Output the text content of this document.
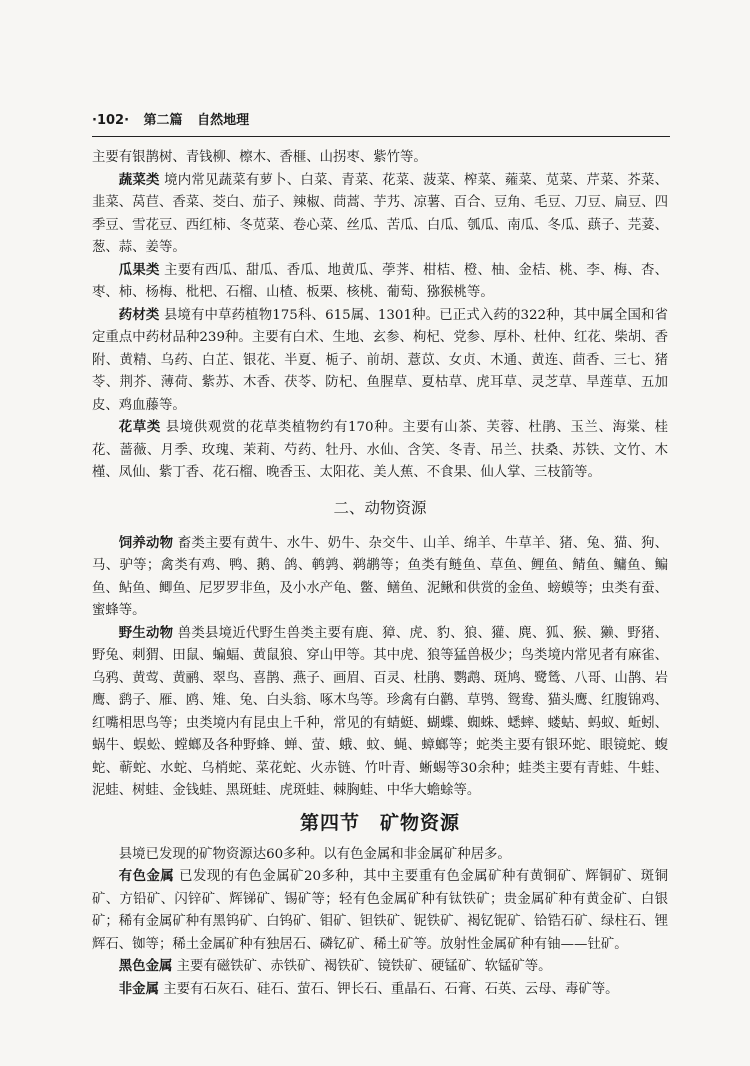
·102· 第二篇 自然地理

主要有银鹊树、青钱柳、檫木、香榧、山拐枣、紫竹等。

蔬菜类 境内常见蔬菜有萝卜、白菜、青菜、花菜、菠菜、榨菜、蕹菜、苋菜、芹菜、芥菜、韭菜、莴苣、香菜、茭白、茄子、辣椒、茼蒿、芋艿、凉薯、百合、豆角、毛豆、刀豆、扁豆、四季豆、雪花豆、西红柿、冬苋菜、卷心菜、丝瓜、苦瓜、白瓜、瓠瓜、南瓜、冬瓜、蕻子、芫荽、葱、蒜、姜等。

瓜果类 主要有西瓜、甜瓜、香瓜、地黄瓜、荸荠、柑桔、橙、柚、金桔、桃、李、梅、杏、枣、柿、杨梅、枇杷、石榴、山楂、板栗、核桃、葡萄、猕猴桃等。

药材类 县境有中草药植物175科、615属、1301种。已正式入药的322种，其中属全国和省定重点中药材品种239种。主要有白术、生地、玄参、枸杞、党参、厚朴、杜仲、红花、柴胡、香附、黄精、乌药、白芷、银花、半夏、栀子、前胡、薏苡、女贞、木通、黄连、茴香、三七、猪苓、荆芥、薄荷、紫苏、木香、茯苓、防杞、鱼腥草、夏枯草、虎耳草、灵芝草、旱莲草、五加皮、鸡血藤等。

花草类 县境供观赏的花草类植物约有170种。主要有山茶、芙蓉、杜鹃、玉兰、海棠、桂花、蔷薇、月季、玫瑰、茉莉、芍药、牡丹、水仙、含笑、冬青、吊兰、扶桑、苏铁、文竹、木槿、凤仙、紫丁香、花石榴、晚香玉、太阳花、美人蕉、不食果、仙人掌、三枝箭等。

二、动物资源

饲养动物 畜类主要有黄牛、水牛、奶牛、杂交牛、山羊、绵羊、牛草羊、猪、兔、猫、狗、马、驴等；禽类有鸡、鸭、鹅、鸽、鹌鹑、鹈鹕等；鱼类有鲢鱼、草鱼、鲤鱼、鲭鱼、鳙鱼、鳊鱼、鲇鱼、鲫鱼、尼罗罗非鱼，及小水产龟、鳖、鳝鱼、泥鳅和供赏的金鱼、螃蟆等；虫类有蚕、蜜蜂等。

野生动物 兽类县境近代野生兽类主要有鹿、獐、虎、豹、狼、獾、麂、狐、猴、獭、野猪、野兔、刺猬、田鼠、蝙蝠、黄鼠狼、穿山甲等。其中虎、狼等猛兽极少；鸟类境内常见者有麻雀、乌鸦、黄莺、黄鹂、翠鸟、喜鹊、燕子、画眉、百灵、杜鹃、鹦鹉、斑鸠、鹭鸶、八哥、山鹊、岩鹰、鹞子、雁、鸥、雉、兔、白头翁、啄木鸟等。珍禽有白鹳、草鸮、鸳鸯、猫头鹰、红腹锦鸡、红嘴相思鸟等；虫类境内有昆虫上千种，常见的有蜻蜓、蝴蝶、蜘蛛、蟋蟀、蝼蛄、蚂蚁、蚯蚓、蜗牛、蜈蚣、螳螂及各种野蜂、蝉、萤、蛾、蚊、蝇、蟑螂等；蛇类主要有银环蛇、眼镜蛇、蝮蛇、蕲蛇、水蛇、乌梢蛇、菜花蛇、火赤链、竹叶青、蜥蜴等30余种；蛙类主要有青蛙、牛蛙、泥蛙、树蛙、金钱蛙、黑斑蛙、虎斑蛙、棘胸蛙、中华大蟾蜍等。

第四节 矿物资源

县境已发现的矿物资源达60多种。以有色金属和非金属矿种居多。

有色金属 已发现的有色金属矿20多种，其中主要重有色金属矿种有黄铜矿、辉铜矿、斑铜矿、方铅矿、闪锌矿、辉锑矿、锡矿等；轻有色金属矿种有钛铁矿；贵金属矿种有黄金矿、白银矿；稀有金属矿种有黑钨矿、白钨矿、钼矿、钽铁矿、铌铁矿、褐钇铌矿、铪锆石矿、绿柱石、锂辉石、铷等；稀土金属矿种有独居石、磷钇矿、稀土矿等。放射性金属矿种有铀——钍矿。

黑色金属 主要有磁铁矿、赤铁矿、褐铁矿、镜铁矿、硬锰矿、软锰矿等。

非金属 主要有石灰石、硅石、萤石、钾长石、重晶石、石膏、石英、云母、毒矿等。
